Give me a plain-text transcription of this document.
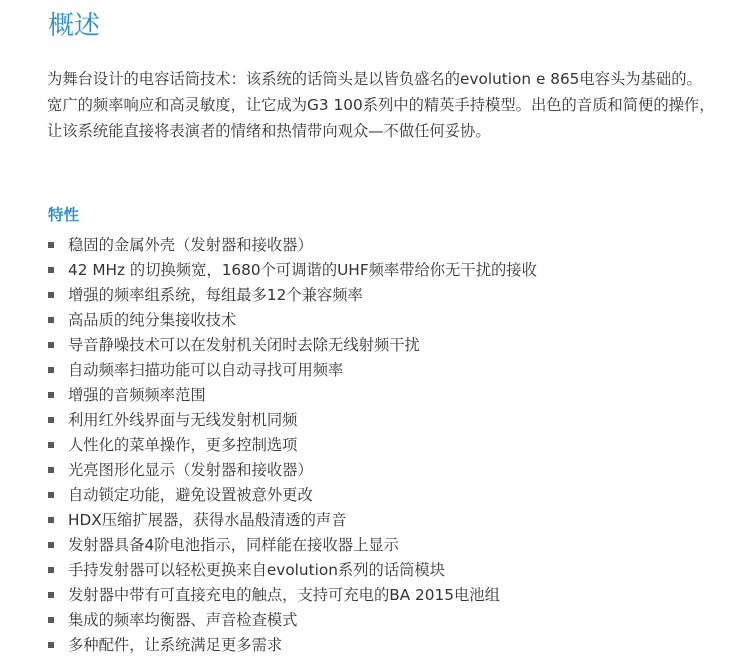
概述

为舞台设计的电容话筒技术：该系统的话筒头是以皆负盛名的evolution e 865电容头为基础的。宽广的频率响应和高灵敏度，让它成为G3 100系列中的精英手持模型。出色的音质和简便的操作，让该系统能直接将表演者的情绪和热情带向观众—不做任何妥协。

特性
稳固的金属外壳（发射器和接收器）
42 MHz 的切换频宽，1680个可调谐的UHF频率带给你无干扰的接收
增强的频率组系统，每组最多12个兼容频率
高品质的纯分集接收技术
导音静噪技术可以在发射机关闭时去除无线射频干扰
自动频率扫描功能可以自动寻找可用频率
增强的音频频率范围
利用红外线界面与无线发射机同频
人性化的菜单操作，更多控制选项
光亮图形化显示（发射器和接收器）
自动锁定功能，避免设置被意外更改
HDX压缩扩展器，获得水晶般清透的声音
发射器具备4阶电池指示，同样能在接收器上显示
手持发射器可以轻松更换来自evolution系列的话筒模块
发射器中带有可直接充电的触点，支持可充电的BA 2015电池组
集成的频率均衡器、声音检查模式
多种配件，让系统满足更多需求
